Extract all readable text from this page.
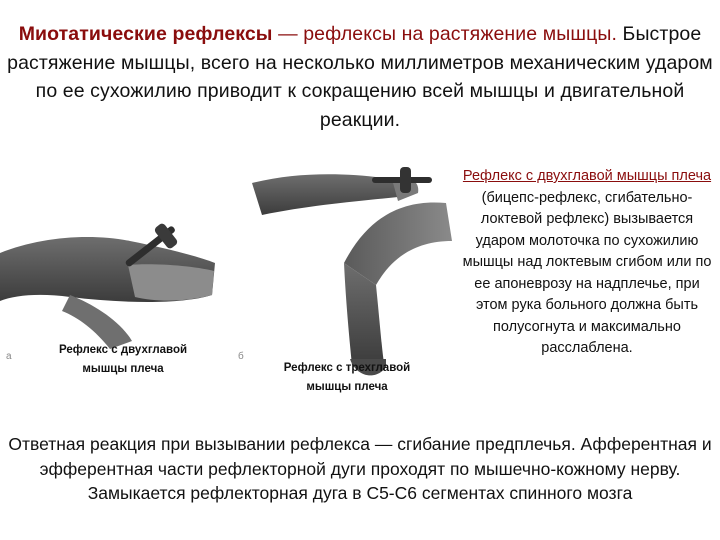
Миотатические рефлексы — рефлексы на растяжение мышцы. Быстрое растяжение мышцы, всего на несколько миллиметров механическим ударом по ее сухожилию приводит к сокращению всей мышцы и двигательной реакции.
а	б
Рефлекс с двухглавой мышцы плеча	Рефлекс с трехглавой мышцы плеча
Рефлекс с двухглавой мышцы плеча (бицепс-рефлекс, сгибательно-локтевой рефлекс) вызывается ударом молоточка по сухожилию мышцы над локтевым сгибом или по ее апоневрозу на надплечье, при этом рука больного должна быть полусогнута и максимально расслаблена.
Ответная реакция при вызывании рефлекса — сгибание предплечья. Афферентная и эфферентная части рефлекторной дуги проходят по мышечно-кожному нерву. Замыкается рефлекторная дуга в С5-С6 сегментах спинного мозга
